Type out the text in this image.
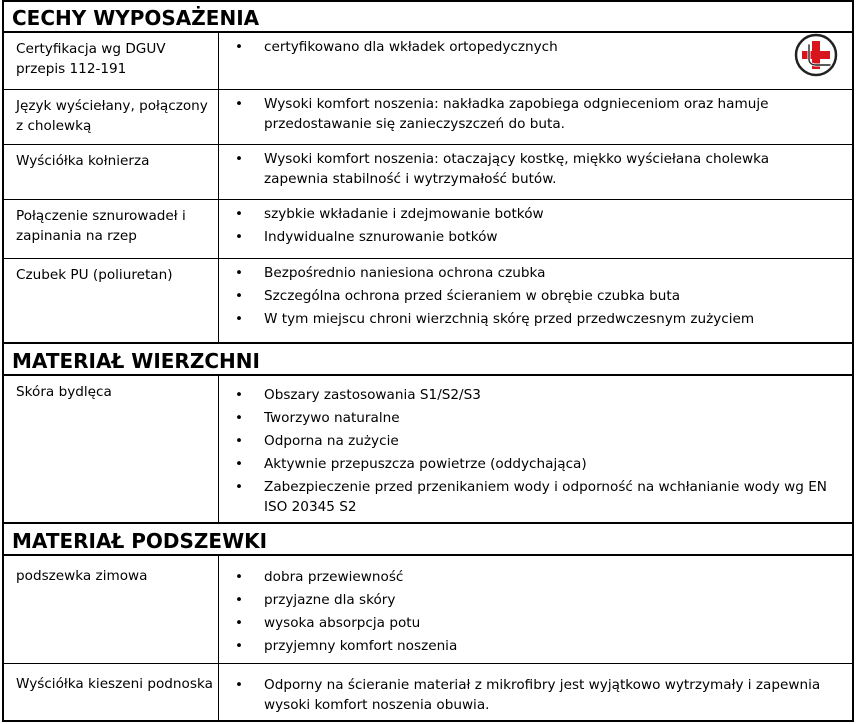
CECHY WYPOSAŻENIA
Certyfikacja wg DGUV przepis 112-191
• certyfikowano dla wkładek ortopedycznych
Język wyściełany, połączony z cholewką
• Wysoki komfort noszenia: nakładka zapobiega odgnieceniom oraz hamuje przedostawanie się zanieczyszczeń do buta.
Wyściółka kołnierza	• Wysoki komfort noszenia: otaczający kostkę, miękko wyściełana cholewka zapewnia stabilność i wytrzymałość butów.
Połączenie sznurowadeł i zapinania na rzep
• szybkie wkładanie i zdejmowanie botków
• Indywidualne sznurowanie botków
Czubek PU (poliuretan)	• Bezpośrednio naniesiona ochrona czubka
• Szczególna ochrona przed ścieraniem w obrębie czubka buta
• W tym miejscu chroni wierzchnią skórę przed przedwczesnym zużyciem
MATERIAŁ WIERZCHNI
Skóra bydlęca	• Obszary zastosowania S1/S2/S3
• Tworzywo naturalne
• Odporna na zużycie
• Aktywnie przepuszcza powietrze (oddychająca)
• Zabezpieczenie przed przenikaniem wody i odporność na wchłanianie wody wg EN ISO 20345 S2
MATERIAŁ PODSZEWKI
podszewka zimowa	• dobra przewiewność
• przyjazne dla skóry
• wysoka absorpcja potu
• przyjemny komfort noszenia
Wyściółka kieszeni podnoska • Odporny na ścieranie materiał z mikrofibry jest wyjątkowo wytrzymały i zapewnia wysoki komfort noszenia obuwia.
